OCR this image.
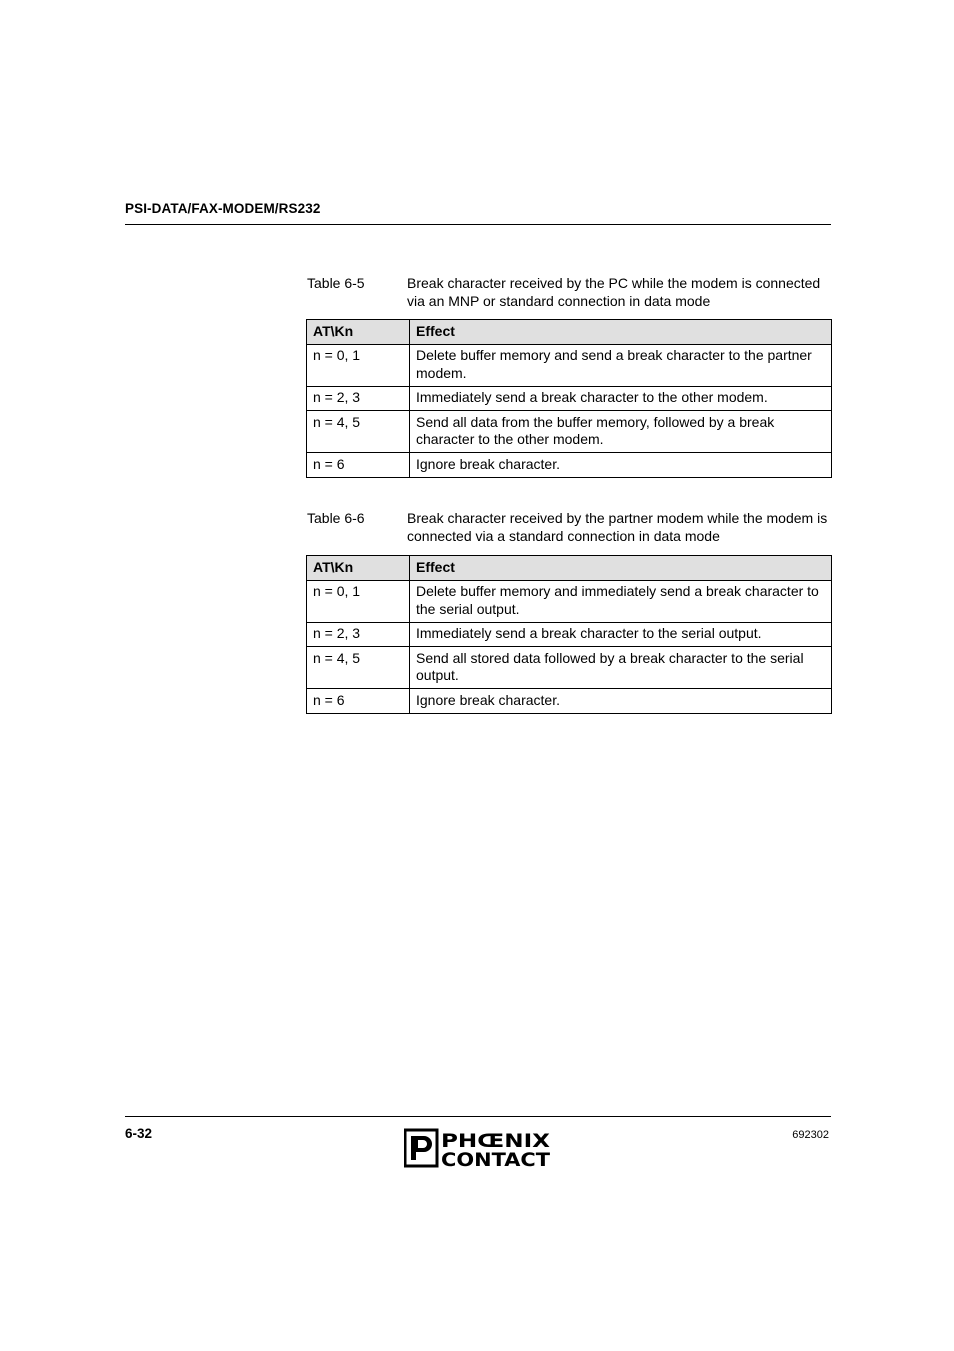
PSI-DATA/FAX-MODEM/RS232
Table 6-5	Break character received by the PC while the modem is connected via an MNP or standard connection in data mode
AT\Kn	Effect
n = 0, 1	Delete buffer memory and send a break character to the partner modem.
n = 2, 3	Immediately send a break character to the other modem.
n = 4, 5	Send all data from the buffer memory, followed by a break character to the other modem.
n = 6	Ignore break character.
Table 6-6	Break character received by the partner modem while the modem is connected via a standard connection in data mode
AT\Kn	Effect
n = 0, 1	Delete buffer memory and immediately send a break character to the serial output.
n = 2, 3	Immediately send a break character to the serial output.
n = 4, 5	Send all stored data followed by a break character to the serial output.
n = 6	Ignore break character.
6-32	PHŒNIX
CONTACT
692302
